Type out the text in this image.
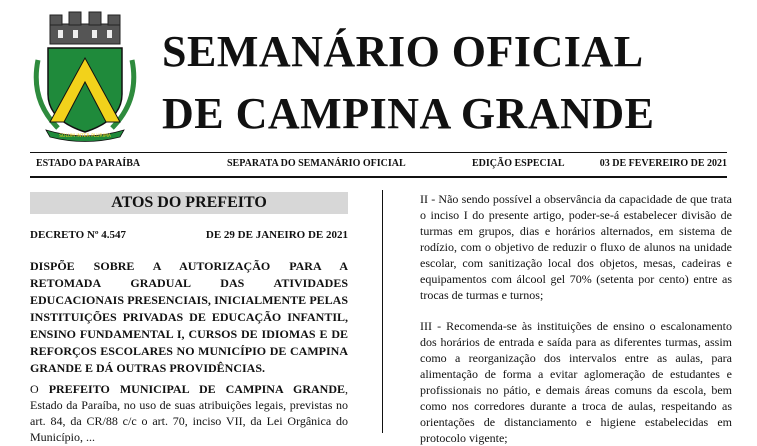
SOLUM INTER PLURIMA
SEMANÁRIO OFICIAL
DE CAMPINA GRANDE
ESTADO DA PARAÍBA	SEPARATA DO SEMANÁRIO OFICIAL	EDIÇÃO ESPECIAL	03 DE FEVEREIRO DE 2021
ATOS DO PREFEITO
DECRETO Nº 4.547	DE 29 DE JANEIRO DE 2021
DISPÕE SOBRE A AUTORIZAÇÃO PARA A
RETOMADA GRADUAL DAS ATIVIDADES
EDUCACIONAIS PRESENCIAIS, INICIALMENTE PELAS
INSTITUIÇÕES PRIVADAS DE EDUCAÇÃO INFANTIL,
ENSINO FUNDAMENTAL I, CURSOS DE IDIOMAS E DE
REFORÇOS ESCOLARES NO MUNICÍPIO DE CAMPINA
GRANDE E DÁ OUTRAS PROVIDÊNCIAS.
O PREFEITO MUNICIPAL DE CAMPINA GRANDE, Estado da Paraíba, no uso de suas atribuições legais, previstas no art. 84, da CR/88 c/c o art. 70, inciso VII, da Lei Orgânica do Município, ...
II - Não sendo possível a observância da capacidade de que trata o inciso I do presente artigo, poder-se-á estabelecer divisão de turmas em grupos, dias e horários alternados, em sistema de rodízio, com o objetivo de reduzir o fluxo de alunos na unidade escolar, com sanitização local dos objetos, mesas, cadeiras e equipamentos com álcool gel 70% (setenta por cento) entre as trocas de turmas e turnos;
III - Recomenda-se às instituições de ensino o escalonamento dos horários de entrada e saída para as diferentes turmas, assim como a reorganização dos intervalos entre as aulas, para alimentação de forma a evitar aglomeração de estudantes e profissionais no pátio, e demais áreas comuns da escola, bem como nos corredores durante a troca de aulas, respeitando as orientações de distanciamento e higiene estabelecidas em protocolo vigente;
